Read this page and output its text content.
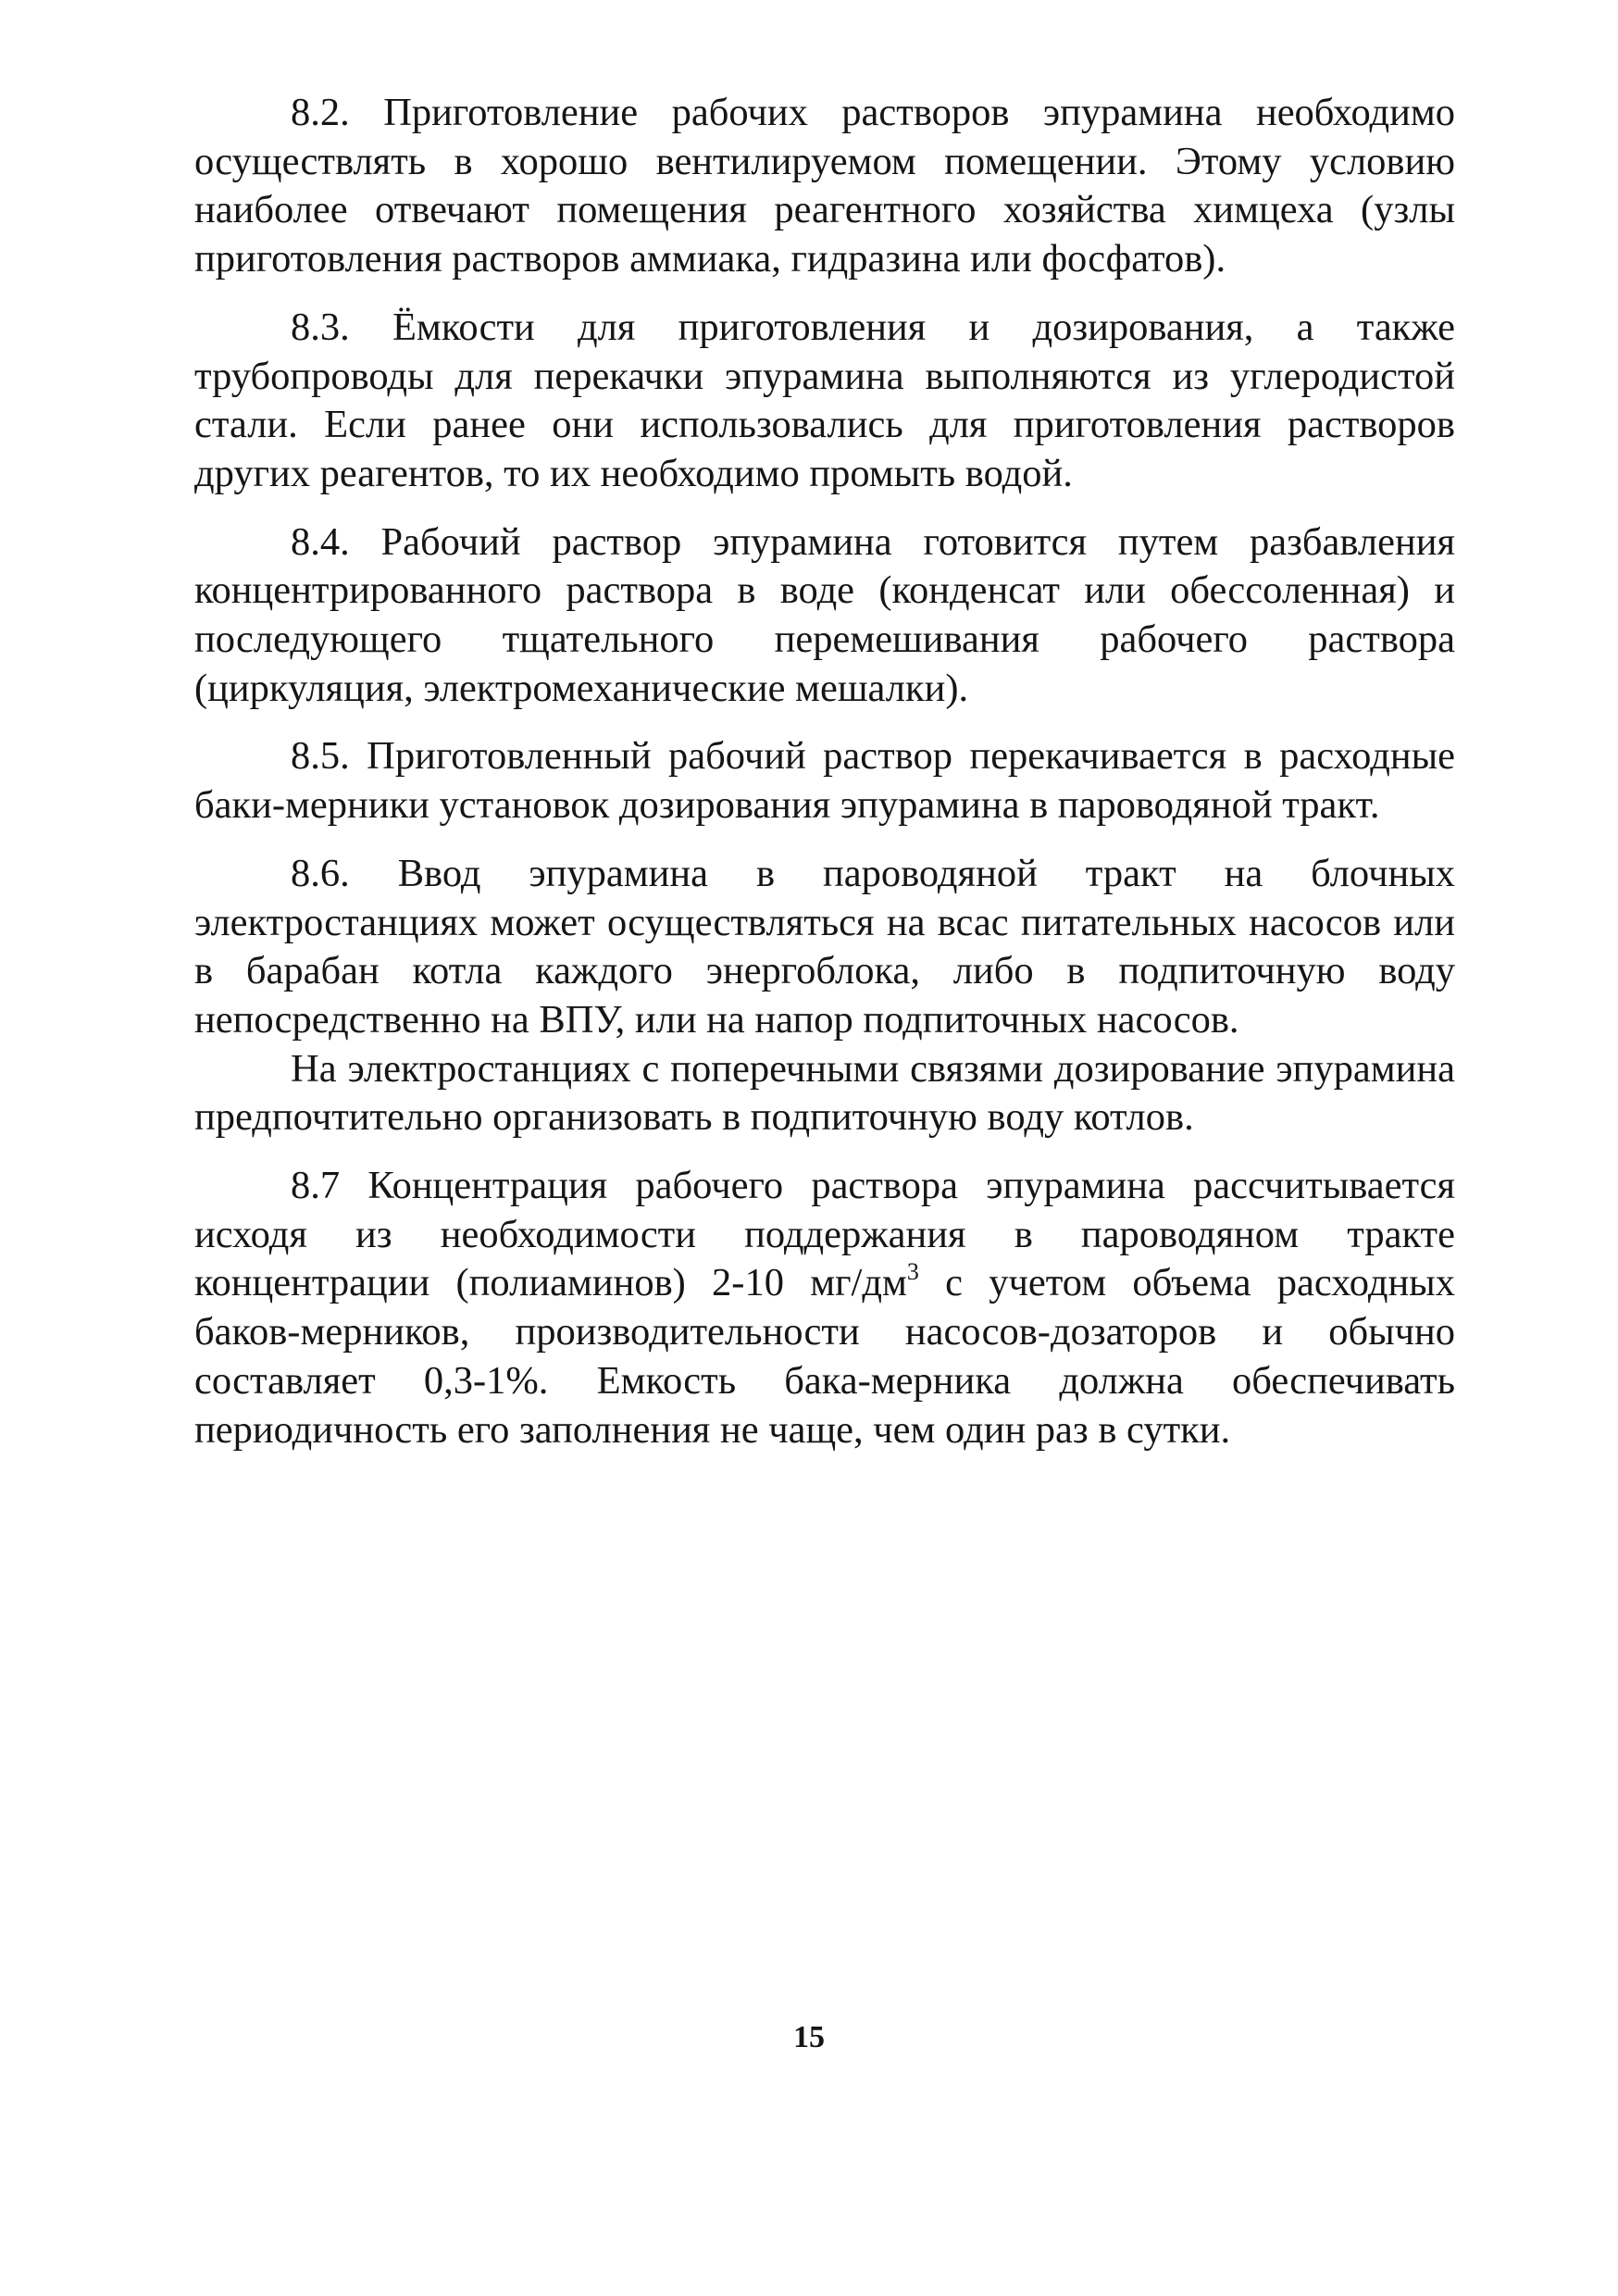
8.2. Приготовление рабочих растворов эпурамина необходимо осуществлять в хорошо вентилируемом помещении. Этому условию наиболее отвечают помещения реагентного хозяйства химцеха (узлы приготовления растворов аммиака, гидразина или фосфатов).

8.3. Ёмкости для приготовления и дозирования, а также трубопроводы для перекачки эпурамина выполняются из углеродистой стали. Если ранее они использовались для приготовления растворов других реагентов, то их необходимо промыть водой.

8.4. Рабочий раствор эпурамина готовится путем разбавления концентрированного раствора в воде (конденсат или обессоленная) и последующего тщательного перемешивания рабочего раствора (циркуляция, электромеханические мешалки).

8.5. Приготовленный рабочий раствор перекачивается в расходные баки-мерники установок дозирования эпурамина в пароводяной тракт.

8.6. Ввод эпурамина в пароводяной тракт на блочных электростанциях может осуществляться на всас питательных насосов или в барабан котла каждого энергоблока, либо в подпиточную воду непосредственно на ВПУ, или на напор подпиточных насосов.

На электростанциях с поперечными связями дозирование эпурамина предпочтительно организовать в подпиточную воду котлов.

8.7 Концентрация рабочего раствора эпурамина рассчитывается исходя из необходимости поддержания в пароводяном тракте концентрации (полиаминов) 2-10 $мг/дм^3$ с учетом объема расходных баков-мерников, производительности насосов-дозаторов и обычно составляет 0,3-1%. Емкость бака-мерника должна обеспечивать периодичность его заполнения не чаще, чем один раз в сутки.

15
